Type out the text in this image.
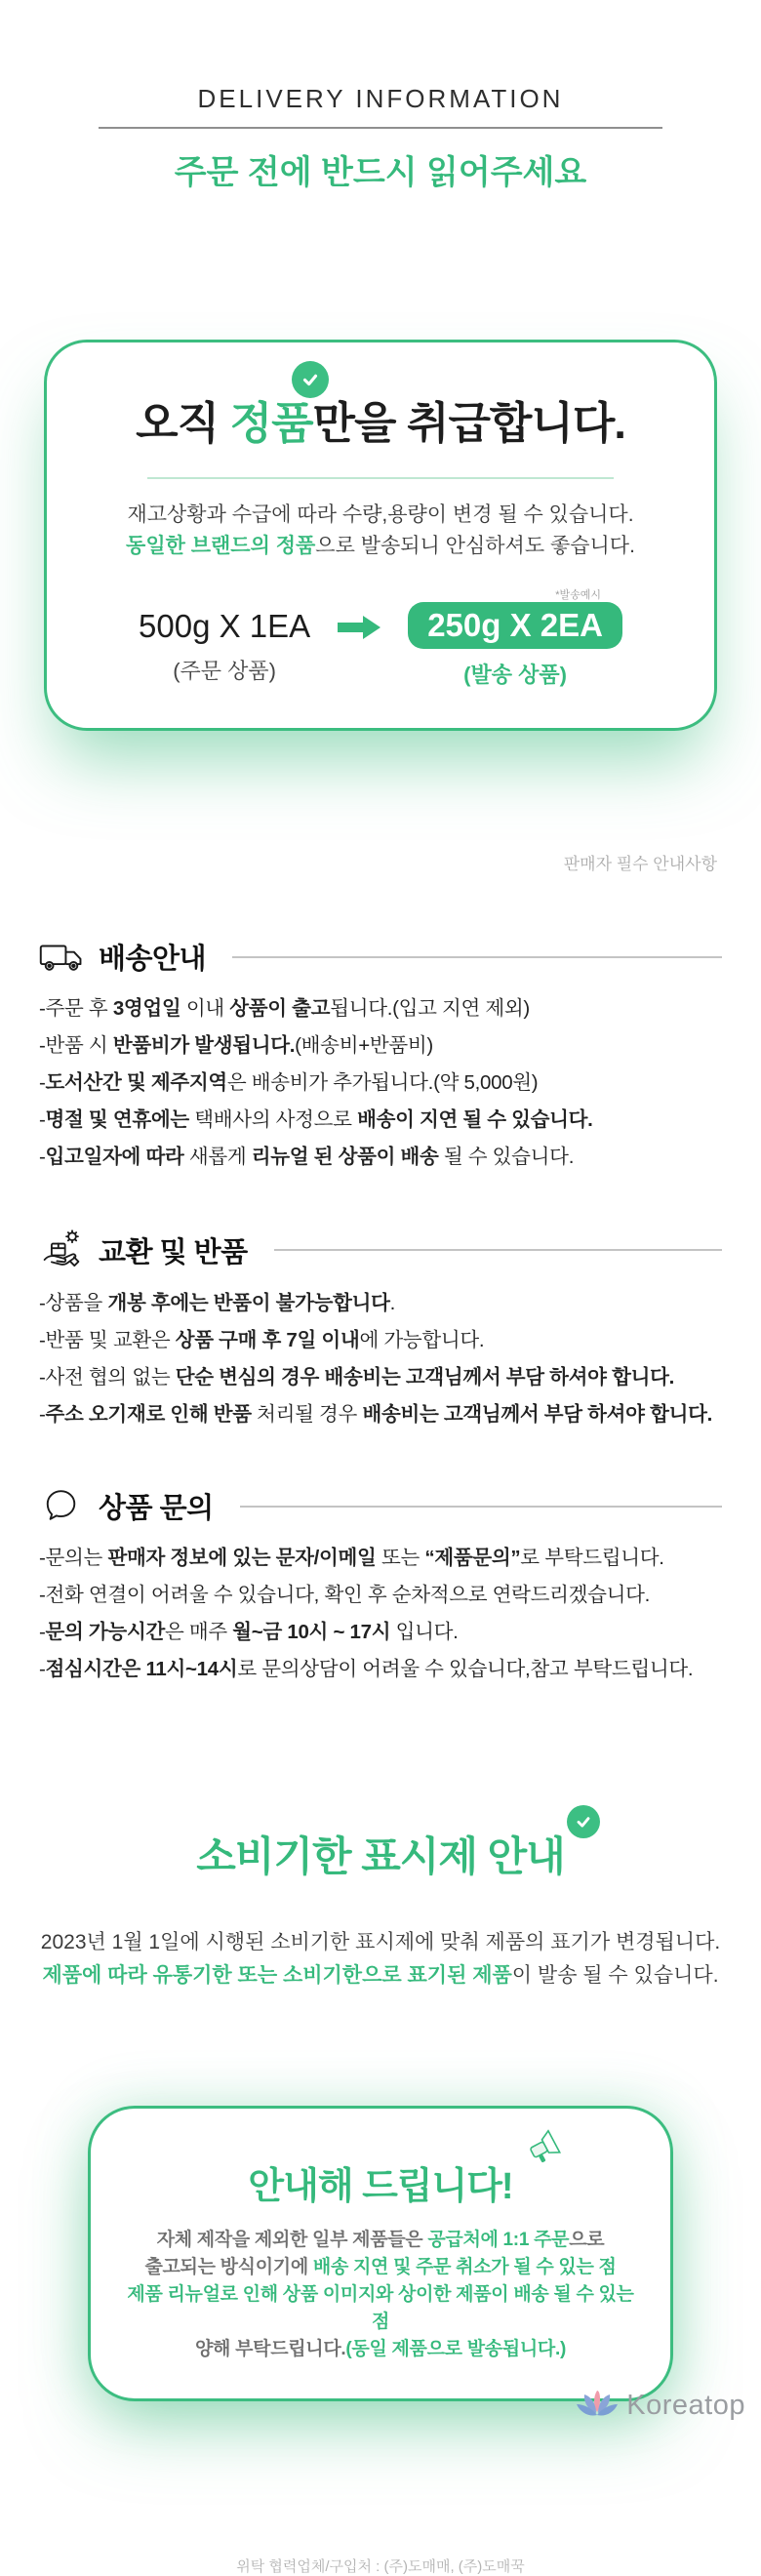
DELIVERY INFORMATION
주문 전에 반드시 읽어주세요
오직 정품
만을 취급합니다.
재고상황과 수급에 따라 수량,용량이 변경 될 수 있습니다.
동일한 브랜드의 정품으로 발송되니 안심하셔도 좋습니다.
*발송예시
500g X 1EA
(주문 상품)
250g X 2EA
(발송 상품)
판매자 필수 안내사항
배송안내
-주문 후 3영업일 이내 상품이 출고됩니다.(입고 지연 제외)
-반품 시 반품비가 발생됩니다.(배송비+반품비)
-도서산간 및 제주지역은 배송비가 추가됩니다.(약 5,000원)
-명절 및 연휴에는 택배사의 사정으로 배송이 지연 될 수 있습니다.
-입고일자에 따라 새롭게 리뉴얼 된 상품이 배송 될 수 있습니다.
교환 및 반품
-상품을 개봉 후에는 반품이 불가능합니다.
-반품 및 교환은 상품 구매 후 7일 이내에 가능합니다.
-사전 협의 없는 단순 변심의 경우 배송비는 고객님께서 부담 하셔야 합니다.
-주소 오기재로 인해 반품 처리될 경우 배송비는 고객님께서 부담 하셔야 합니다.
상품 문의
-문의는 판매자 정보에 있는 문자/이메일 또는 “제품문의”로 부탁드립니다.
-전화 연결이 어려울 수 있습니다, 확인 후 순차적으로 연락드리겠습니다.
-문의 가능시간은 매주 월~금 10시 ~ 17시 입니다.
-점심시간은 11시~14시로 문의상담이 어려울 수 있습니다,참고 부탁드립니다.
소비기한 표시제 안내
2023년 1월 1일에 시행된 소비기한 표시제에 맞춰 제품의 표기가 변경됩니다.
제품에 따라 유통기한 또는 소비기한으로 표기된 제품이 발송 될 수 있습니다.
안내해 드립니다!
자체 제작을 제외한 일부 제품들은 공급처에 1:1 주문으로
출고되는 방식이기에 배송 지연 및 주문 취소가 될 수 있는 점
제품 리뉴얼로 인해 상품 이미지와 상이한 제품이 배송 될 수 있는 점
양해 부탁드립니다.(동일 제품으로 발송됩니다.)
위탁 협력업체/구입처 : (주)도매매, (주)도매꾹
Koreatop
